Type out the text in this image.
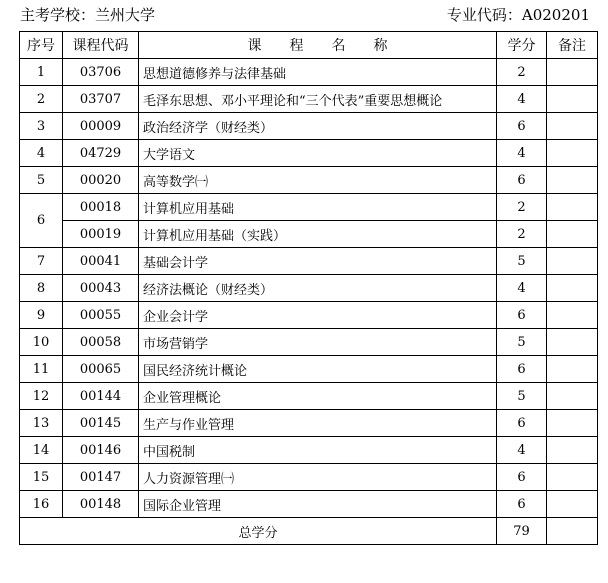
主考学校：兰州大学	专业代码：A020201
序号	课程代码	课　　程　　名　　称	学分	备注
1	03706	思想道德修养与法律基础	2	
2	03707	毛泽东思想、邓小平理论和“三个代表”重要思想概论	4	
3	00009	政治经济学（财经类）	6	
4	04729	大学语文	4	
5	00020	高等数学㈠	6	
6	00018	计算机应用基础	2	
	00019	计算机应用基础（实践）	2	
7	00041	基础会计学	5	
8	00043	经济法概论（财经类）	4	
9	00055	企业会计学	6	
10	00058	市场营销学	5	
11	00065	国民经济统计概论	6	
12	00144	企业管理概论	5	
13	00145	生产与作业管理	6	
14	00146	中国税制	4	
15	00147	人力资源管理㈠	6	
16	00148	国际企业管理	6	
总学分			79	
